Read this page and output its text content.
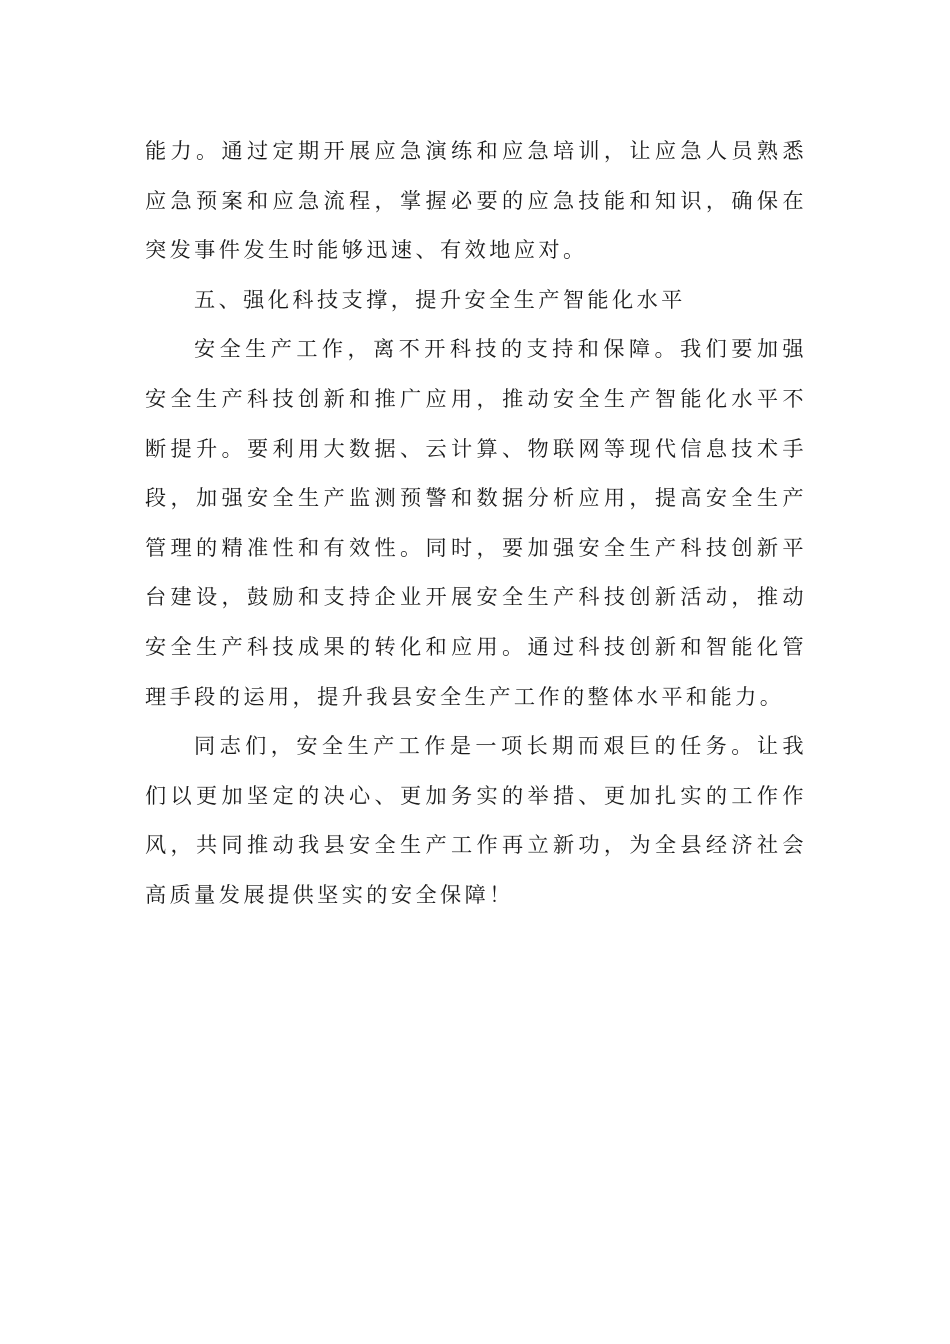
能力。通过定期开展应急演练和应急培训，让应急人员熟悉应急预案和应急流程，掌握必要的应急技能和知识，确保在突发事件发生时能够迅速、有效地应对。

五、强化科技支撑，提升安全生产智能化水平

安全生产工作，离不开科技的支持和保障。我们要加强安全生产科技创新和推广应用，推动安全生产智能化水平不断提升。要利用大数据、云计算、物联网等现代信息技术手段，加强安全生产监测预警和数据分析应用，提高安全生产管理的精准性和有效性。同时，要加强安全生产科技创新平台建设，鼓励和支持企业开展安全生产科技创新活动，推动安全生产科技成果的转化和应用。通过科技创新和智能化管理手段的运用，提升我县安全生产工作的整体水平和能力。

同志们，安全生产工作是一项长期而艰巨的任务。让我们以更加坚定的决心、更加务实的举措、更加扎实的工作作风，共同推动我县安全生产工作再立新功，为全县经济社会高质量发展提供坚实的安全保障！
